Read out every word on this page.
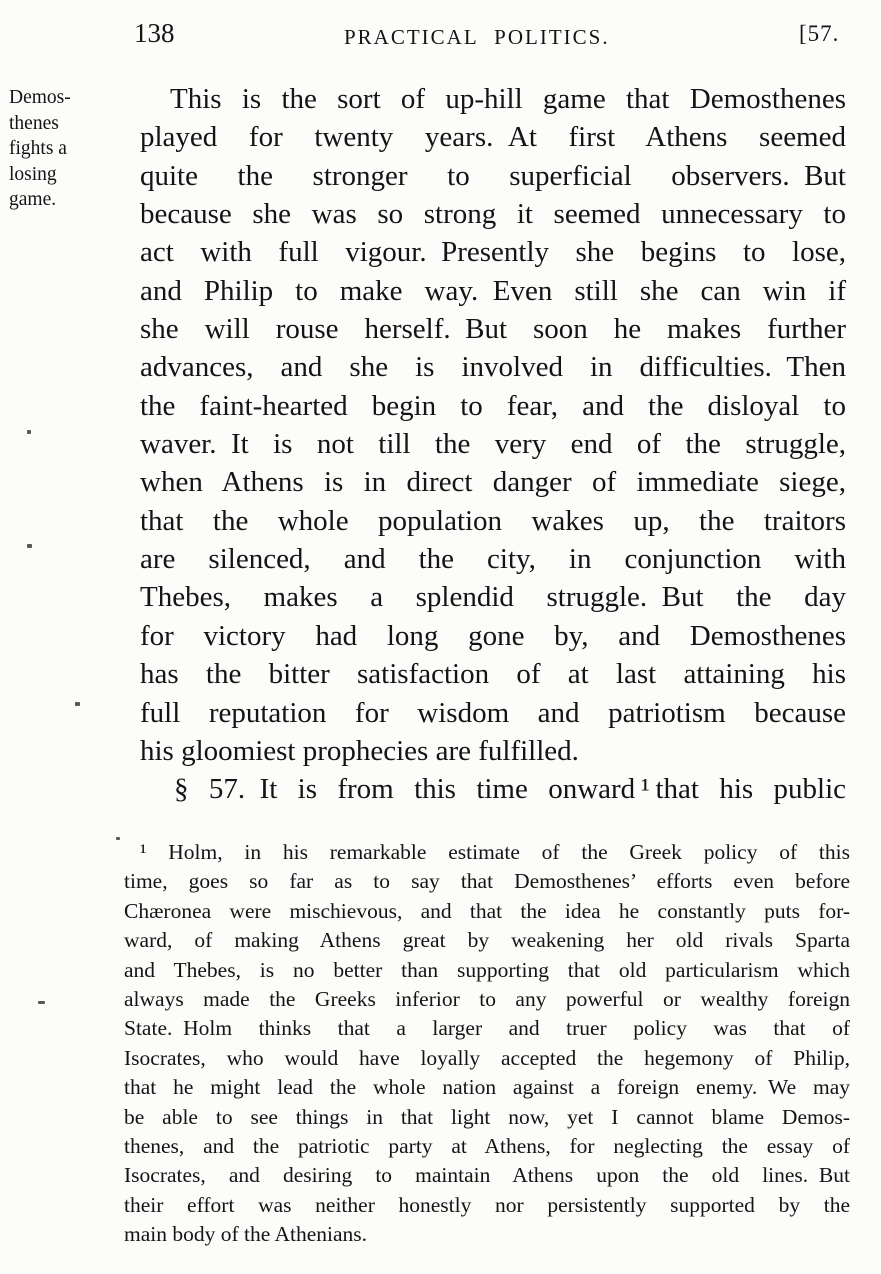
138	PRACTICAL POLITICS.	[57.
Demos-
thenes
fights a
losing
game.
This is the sort of up-hill game that Demosthenes
played for twenty years. At first Athens seemed
quite the stronger to superficial observers. But
because she was so strong it seemed unnecessary to
act with full vigour. Presently she begins to lose,
and Philip to make way. Even still she can win if
she will rouse herself. But soon he makes further
advances, and she is involved in difficulties. Then
the faint-hearted begin to fear, and the disloyal to
waver. It is not till the very end of the struggle,
when Athens is in direct danger of immediate siege,
that the whole population wakes up, the traitors
are silenced, and the city, in conjunction with
Thebes, makes a splendid struggle. But the day
for victory had long gone by, and Demosthenes
has the bitter satisfaction of at last attaining his
full reputation for wisdom and patriotism because
his gloomiest prophecies are fulfilled.
§ 57. It is from this time onward ¹ that his public
¹ Holm, in his remarkable estimate of the Greek policy of this
time, goes so far as to say that Demosthenes’ efforts even before
Chæronea were mischievous, and that the idea he constantly puts for-
ward, of making Athens great by weakening her old rivals Sparta
and Thebes, is no better than supporting that old particularism which
always made the Greeks inferior to any powerful or wealthy foreign
State. Holm thinks that a larger and truer policy was that of
Isocrates, who would have loyally accepted the hegemony of Philip,
that he might lead the whole nation against a foreign enemy. We may
be able to see things in that light now, yet I cannot blame Demos-
thenes, and the patriotic party at Athens, for neglecting the essay of
Isocrates, and desiring to maintain Athens upon the old lines. But
their effort was neither honestly nor persistently supported by the
main body of the Athenians.
